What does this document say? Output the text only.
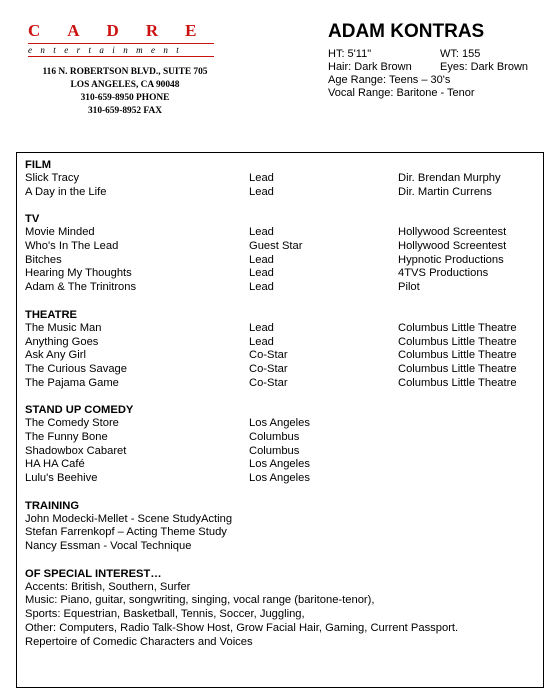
CADRE
entertainment
116 N. ROBERTSON BLVD., SUITE 705
LOS ANGELES, CA 90048
310-659-8950 PHONE
310-659-8952 FAX
ADAM KONTRAS
HT: 5'11"	WT: 155
Hair: Dark Brown	Eyes: Dark Brown
Age Range: Teens – 30's
Vocal Range: Baritone - Tenor
FILM
Slick Tracy	Lead	Dir. Brendan Murphy
A Day in the Life	Lead	Dir. Martin Currens
TV
Movie Minded	Lead	Hollywood Screentest
Who's In The Lead	Guest Star	Hollywood Screentest
Bitches	Lead	Hypnotic Productions
Hearing My Thoughts	Lead	4TVS Productions
Adam & The Trinitrons	Lead	Pilot
THEATRE
The Music Man	Lead	Columbus Little Theatre
Anything Goes	Lead	Columbus Little Theatre
Ask Any Girl	Co-Star	Columbus Little Theatre
The Curious Savage	Co-Star	Columbus Little Theatre
The Pajama Game	Co-Star	Columbus Little Theatre
STAND UP COMEDY
The Comedy Store	Los Angeles
The Funny Bone	Columbus
Shadowbox Cabaret	Columbus
HA HA Café	Los Angeles
Lulu's Beehive	Los Angeles
TRAINING
John Modecki-Mellet - Scene StudyActing
Stefan Farrenkopf – Acting Theme Study
Nancy Essman - Vocal Technique
OF SPECIAL INTEREST…
Accents: British, Southern, Surfer
Music: Piano, guitar, songwriting, singing, vocal range (baritone-tenor),
Sports: Equestrian, Basketball, Tennis, Soccer, Juggling,
Other: Computers, Radio Talk-Show Host, Grow Facial Hair, Gaming, Current Passport.
Repertoire of Comedic Characters and Voices
